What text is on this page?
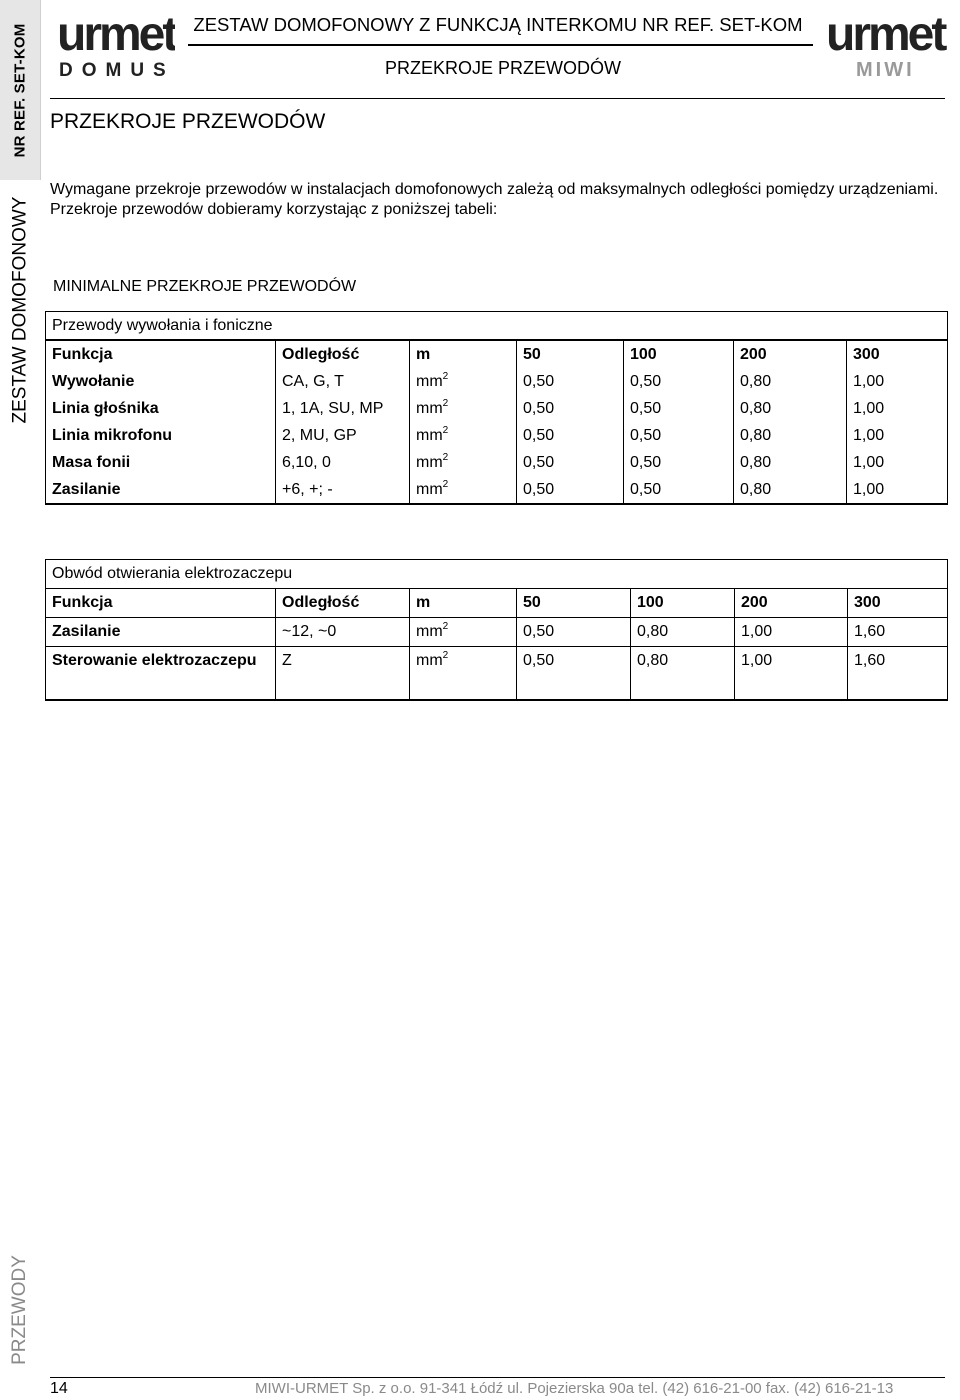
NR REF. SET-KOM
ZESTAW DOMOFONOWY
PRZEWODY
urmet
DOMUS
urmet
MIWI
ZESTAW DOMOFONOWY Z FUNKCJĄ INTERKOMU NR REF. SET-KOM
PRZEKROJE PRZEWODÓW
PRZEKROJE PRZEWODÓW
Wymagane przekroje przewodów w instalacjach domofonowych zależą od maksymalnych odległości pomiędzy urządzeniami. Przekroje przewodów dobieramy korzystając z poniższej tabeli:
MINIMALNE PRZEKROJE PRZEWODÓW
Przewody wywołania i foniczne						
Funkcja	Odległość	m	50	100	200	300
Wywołanie	CA, G, T	$mm^2$	0,50	0,50	0,80	1,00
Linia głośnika	1, 1A, SU, MP	$mm^2$	0,50	0,50	0,80	1,00
Linia mikrofonu	2, MU, GP	$mm^2$	0,50	0,50	0,80	1,00
Masa fonii	6,10, 0	$mm^2$	0,50	0,50	0,80	1,00
Zasilanie	+6, +; -	$mm^2$	0,50	0,50	0,80	1,00
Obwód otwierania elektrozaczepu						
Funkcja	Odległość	m	50	100	200	300
Zasilanie	~12, ~0	$mm^2$	0,50	0,80	1,00	1,60
Sterowanie elektrozaczepu	Z	$mm^2$	0,50	0,80	1,00	1,60
14	MIWI-URMET Sp. z o.o. 91-341 Łódź ul. Pojezierska 90a tel. (42) 616-21-00 fax. (42) 616-21-13
